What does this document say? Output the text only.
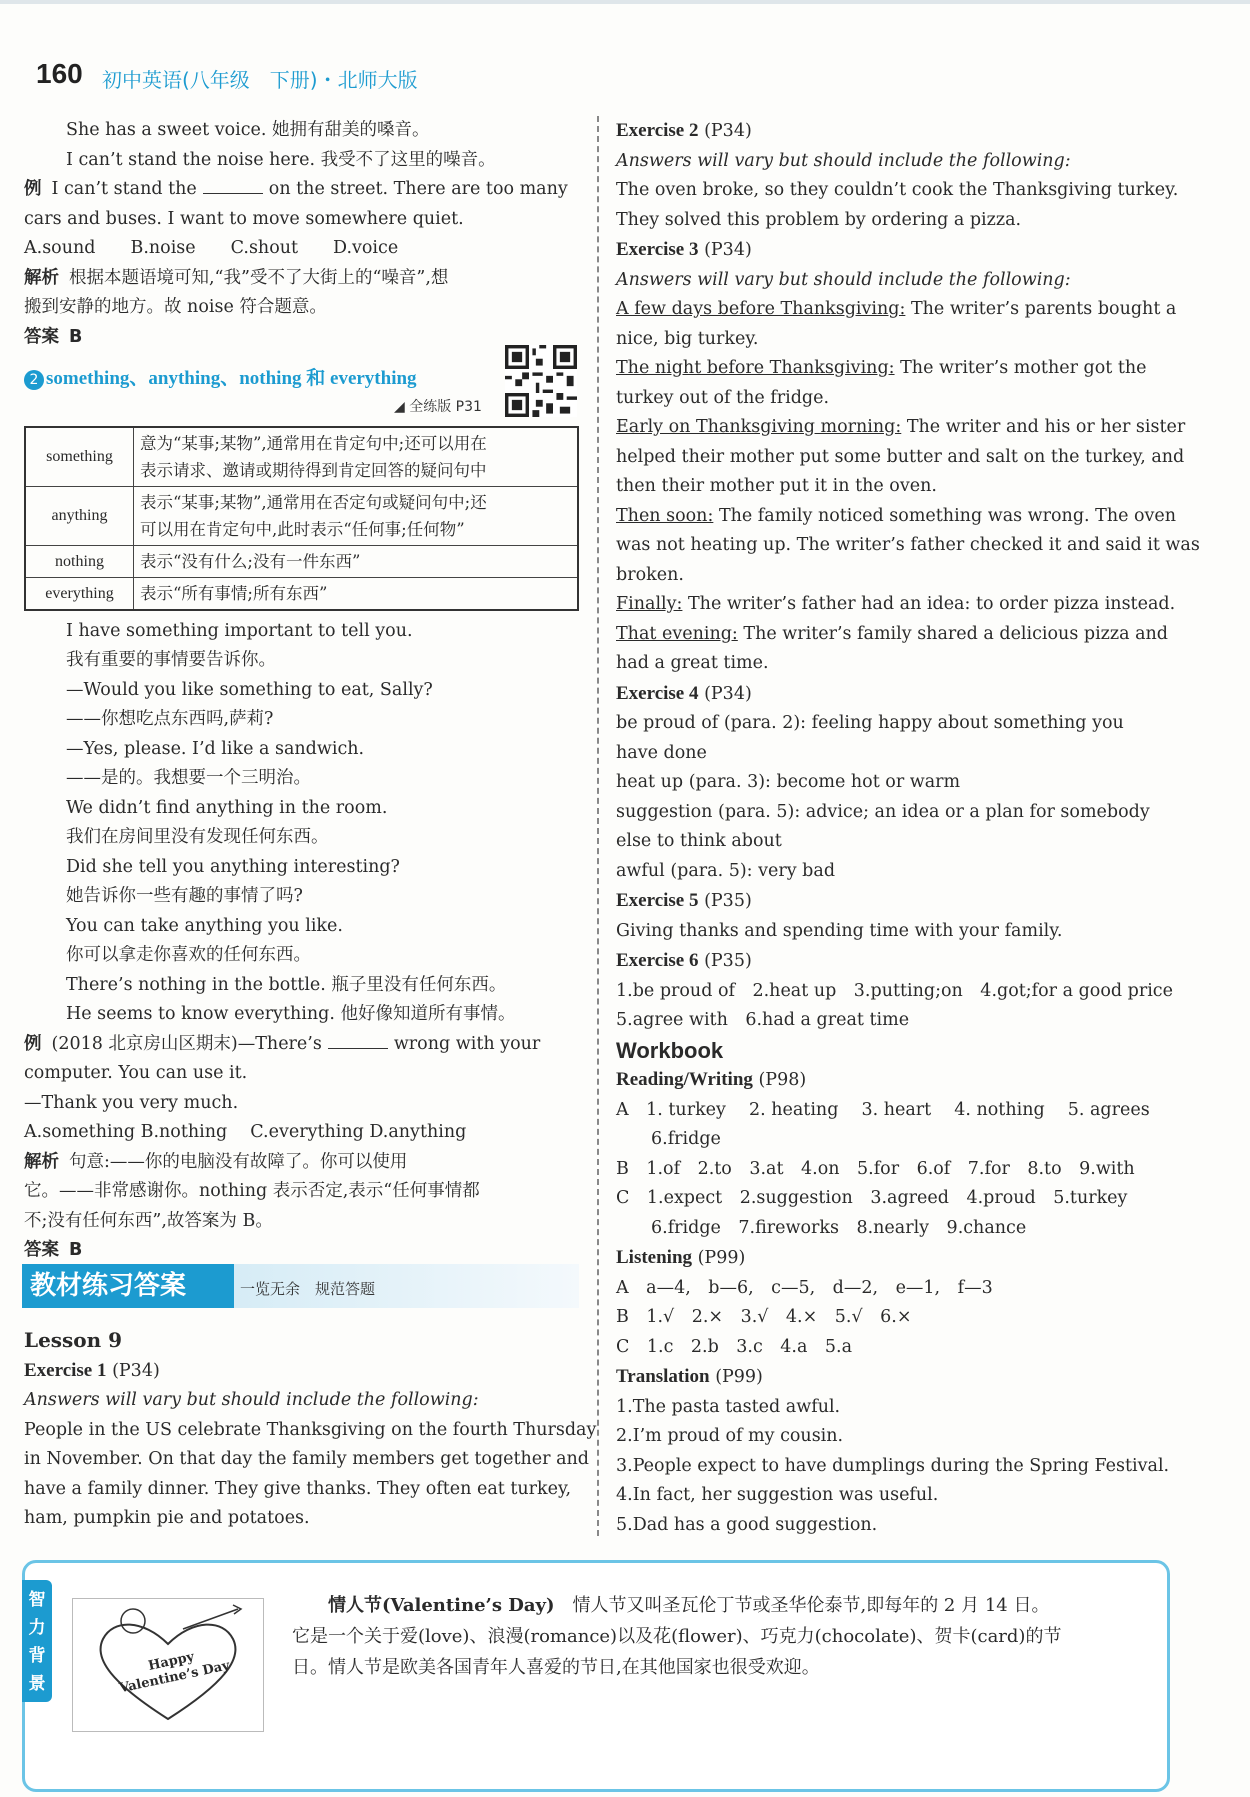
160 初中英语(八年级　下册)・北师大版
She has a sweet voice. 她拥有甜美的嗓音。
I can’t stand the noise here. 我受不了这里的噪音。
例 I can’t stand the	on the street. There are too many
cars and buses. I want to move somewhere quiet.
A.sound　　B.noise　　C.shout　　D.voice
解析 根据本题语境可知,“我”受不了大街上的“噪音”,想
搬到安静的地方。故 noise 符合题意。
答案 B
2 something、anything、nothing 和 everything
◢ 全练版 P31
something	意为“某事;某物”,通常用在肯定句中;还可以用在
表示请求、邀请或期待得到肯定回答的疑问句中

anything	表示“某事;某物”,通常用在否定句或疑问句中;还
可以用在肯定句中,此时表示“任何事;任何物”

nothing	表示“没有什么;没有一件东西”
everything	表示“所有事情;所有东西”
I have something important to tell you.
我有重要的事情要告诉你。
—Would you like something to eat, Sally?
——你想吃点东西吗,萨莉?
—Yes, please. I’d like a sandwich.
——是的。我想要一个三明治。
We didn’t find anything in the room.
我们在房间里没有发现任何东西。
Did she tell you anything interesting?
她告诉你一些有趣的事情了吗?
You can take anything you like.
你可以拿走你喜欢的任何东西。
There’s nothing in the bottle. 瓶子里没有任何东西。
He seems to know everything. 他好像知道所有事情。
例 (2018 北京房山区期末)—There’s	wrong with your
computer. You can use it.
—Thank you very much.
A.something B.nothing　 C.everything D.anything
解析 句意:——你的电脑没有故障了。你可以使用
它。——非常感谢你。nothing 表示否定,表示“任何事情都
不;没有任何东西”,故答案为 B。
答案 B
Exercise 2 (P34)
Answers will vary but should include the following:
The oven broke, so they couldn’t cook the Thanksgiving turkey.
They solved this problem by ordering a pizza.
Exercise 3 (P34)
Answers will vary but should include the following:
A few days before Thanksgiving: The writer’s parents bought a
nice, big turkey.
The night before Thanksgiving: The writer’s mother got the
turkey out of the fridge.
Early on Thanksgiving morning: The writer and his or her sister
helped their mother put some butter and salt on the turkey, and
then their mother put it in the oven.
Then soon: The family noticed something was wrong. The oven
was not heating up. The writer’s father checked it and said it was
broken.
Finally: The writer’s father had an idea: to order pizza instead.
That evening: The writer’s family shared a delicious pizza and
had a great time.
Exercise 4 (P34)
be proud of (para. 2): feeling happy about something you
have done
heat up (para. 3): become hot or warm
suggestion (para. 5): advice; an idea or a plan for somebody
else to think about
awful (para. 5): very bad
Exercise 5 (P35)
Giving thanks and spending time with your family.
Exercise 6 (P35)
1.be proud of　2.heat up　3.putting;on　4.got;for a good price
5.agree with　6.had a great time
Workbook
Reading/Writing (P98)
A　1. turkey　 2. heating　 3. heart　 4. nothing　 5. agrees
　　6.fridge
B　1.of　2.to　3.at　4.on　5.for　6.of　7.for　8.to　9.with
C　1.expect　2.suggestion　3.agreed　4.proud　5.turkey
　　6.fridge　7.fireworks　8.nearly　9.chance
Listening (P99)
A　a—4,　b—6,　c—5,　d—2,　e—1,　f—3
B　1.√　2.×　3.√　4.×　5.√　6.×
C　1.c　2.b　3.c　4.a　5.a
Translation (P99)
1.The pasta tasted awful.
2.I’m proud of my cousin.
3.People expect to have dumplings during the Spring Festival.
4.In fact, her suggestion was useful.
5.Dad has a good suggestion.
教材练习答案	一览无余　规范答题
Lesson 9
Exercise 1 (P34)
Answers will vary but should include the following:
People in the US celebrate Thanksgiving on the fourth Thursday
in November. On that day the family members get together and
have a family dinner. They give thanks. They often eat turkey,
ham, pumpkin pie and potatoes.
智力背景
Happy Valentine’s Day
情人节(Valentine’s Day)　 情人节又叫圣瓦伦丁节或圣华伦泰节,即每年的 2 月 14 日。
它是一个关于爱(love)、浪漫(romance)以及花(flower)、巧克力(chocolate)、贺卡(card)的节
日。情人节是欧美各国青年人喜爱的节日,在其他国家也很受欢迎。
